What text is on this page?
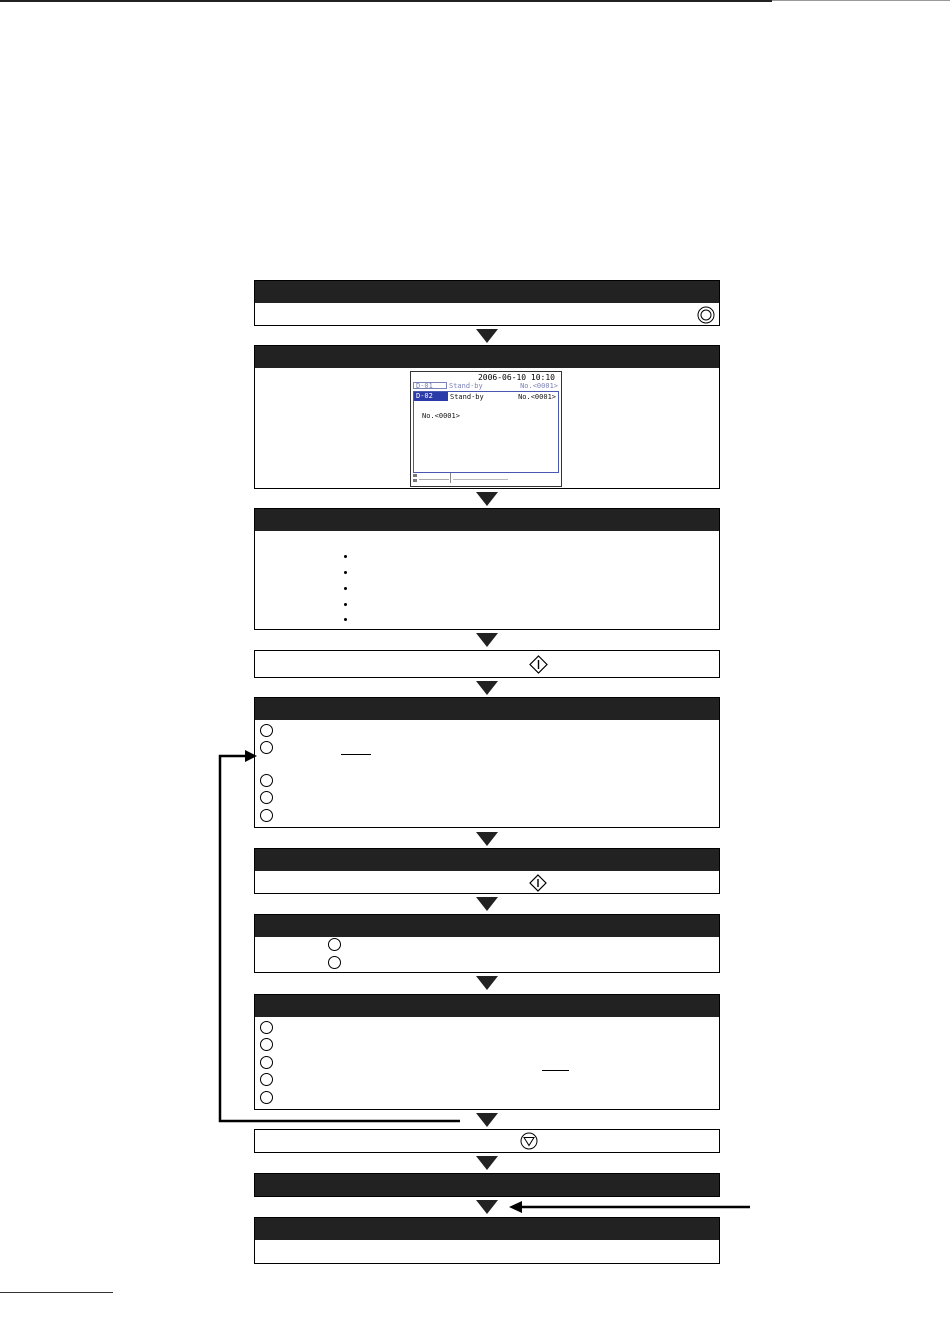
2006-06-10 10:10
D-01	Stand-by	No.<0001>
D-02	Stand-by	No.<0001>
No.<0001>
